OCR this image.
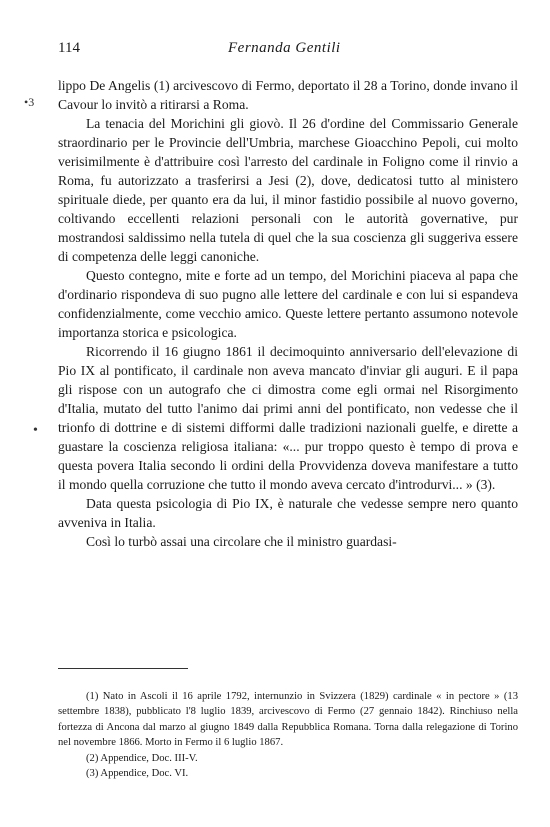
114	Fernanda Gentili
•3
•

lippo De Angelis (1) arcivescovo di Fermo, deportato il 28 a Torino, donde invano il Cavour lo invitò a ritirarsi a Roma.

La tenacia del Morichini gli giovò. Il 26 d'ordine del Commissario Generale straordinario per le Provincie dell'Umbria, marchese Gioacchino Pepoli, cui molto verisimilmente è d'attribuire così l'arresto del cardinale in Foligno come il rinvio a Roma, fu autorizzato a trasferirsi a Jesi (2), dove, dedicatosi tutto al ministero spirituale diede, per quanto era da lui, il minor fastidio possibile al nuovo governo, coltivando eccellenti relazioni personali con le autorità governative, pur mostrandosi saldissimo nella tutela di quel che la sua coscienza gli suggeriva essere di competenza delle leggi canoniche.

Questo contegno, mite e forte ad un tempo, del Morichini piaceva al papa che d'ordinario rispondeva di suo pugno alle lettere del cardinale e con lui si espandeva confidenzialmente, come vecchio amico. Queste lettere pertanto assumono notevole importanza storica e psicologica.

Ricorrendo il 16 giugno 1861 il decimoquinto anniversario dell'elevazione di Pio IX al pontificato, il cardinale non aveva mancato d'inviar gli auguri. E il papa gli rispose con un autografo che ci dimostra come egli ormai nel Risorgimento d'Italia, mutato del tutto l'animo dai primi anni del pontificato, non vedesse che il trionfo di dottrine e di sistemi difformi dalle tradizioni nazionali guelfe, e dirette a guastare la coscienza religiosa italiana: «... pur troppo questo è tempo di prova e questa povera Italia secondo li ordini della Provvidenza doveva manifestare a tutto il mondo quella corruzione che tutto il mondo aveva cercato d'introdurvi... » (3).

Data questa psicologia di Pio IX, è naturale che vedesse sempre nero quanto avveniva in Italia.

Così lo turbò assai una circolare che il ministro guardasi-

(1) Nato in Ascoli il 16 aprile 1792, internunzio in Svizzera (1829) cardinale « in pectore » (13 settembre 1838), pubblicato l'8 luglio 1839, arcivescovo di Fermo (27 gennaio 1842). Rinchiuso nella fortezza di Ancona dal marzo al giugno 1849 dalla Repubblica Romana. Torna dalla relegazione di Torino nel novembre 1866. Morto in Fermo il 6 luglio 1867.

(2) Appendice, Doc. III-V.

(3) Appendice, Doc. VI.
